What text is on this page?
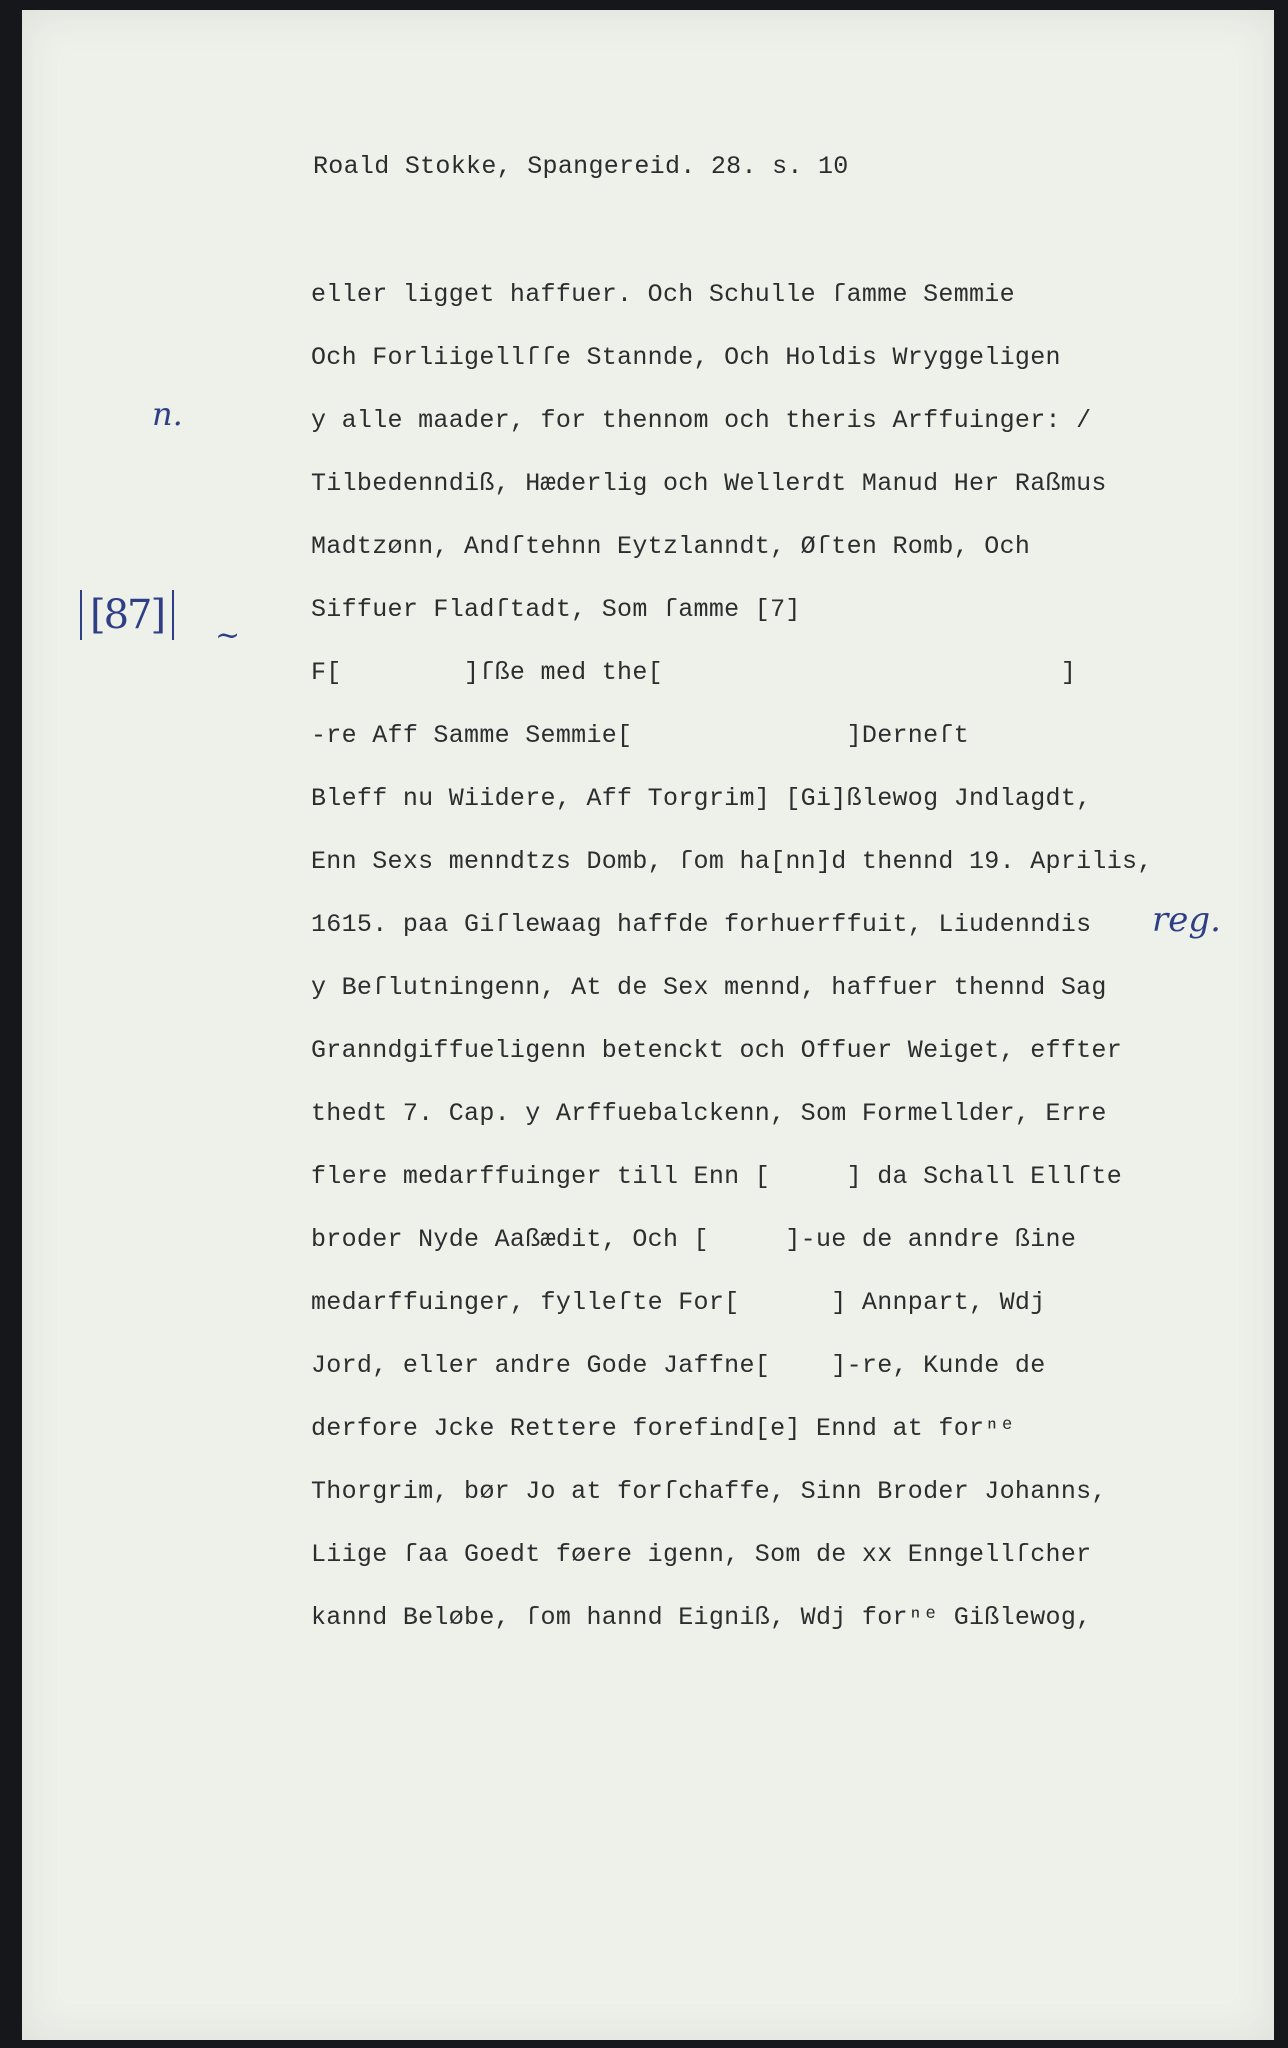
Roald Stokke, Spangereid. 28. s. 10
eller ligget haffuer. Och Schulle ſamme Semmie
Och Forliigellſſe Stannde, Och Holdis Wryggeligen
y alle maader, for thennom och theris Arffuinger: /
Tilbedenndiß, Hæderlig och Wellerdt Manud Her Raßmus
Madtzønn, Andſtehnn Eytzlanndt, Øſten Romb, Och
Siffuer Fladſtadt, Som ſamme [7]
F[        ]ſße med the[                          ]
-re Aff Samme Semmie[              ]Derneſt
Bleff nu Wiidere, Aff Torgrim] [Gi]ßlewog Jndlagdt,
Enn Sexs menndtzs Domb, ſom ha[nn]d thennd 19. Aprilis,
1615. paa Giſlewaag haffde forhuerffuit, Liudenndis
y Beſlutningenn, At de Sex mennd, haffuer thennd Sag
Granndgiffueligenn betenckt och Offuer Weiget, effter
thedt 7. Cap. y Arffuebalckenn, Som Formellder, Erre
flere medarffuinger till Enn [     ] da Schall Ellſte
broder Nyde Aaßædit, Och [     ]-ue de anndre ßine
medarffuinger, fylleſte For[      ] Annpart, Wdj
Jord, eller andre Gode Jaffne[    ]-re, Kunde de
derfore Jcke Rettere forefind[e] Ennd at forⁿᵉ
Thorgrim, bør Jo at forſchaffe, Sinn Broder Johanns,
Liige ſaa Goedt føere igenn, Som de xx Enngellſcher
kannd Beløbe, ſom hannd Eigniß, Wdj forⁿᵉ Gißlewog,
n.
[87]	~
reg.
